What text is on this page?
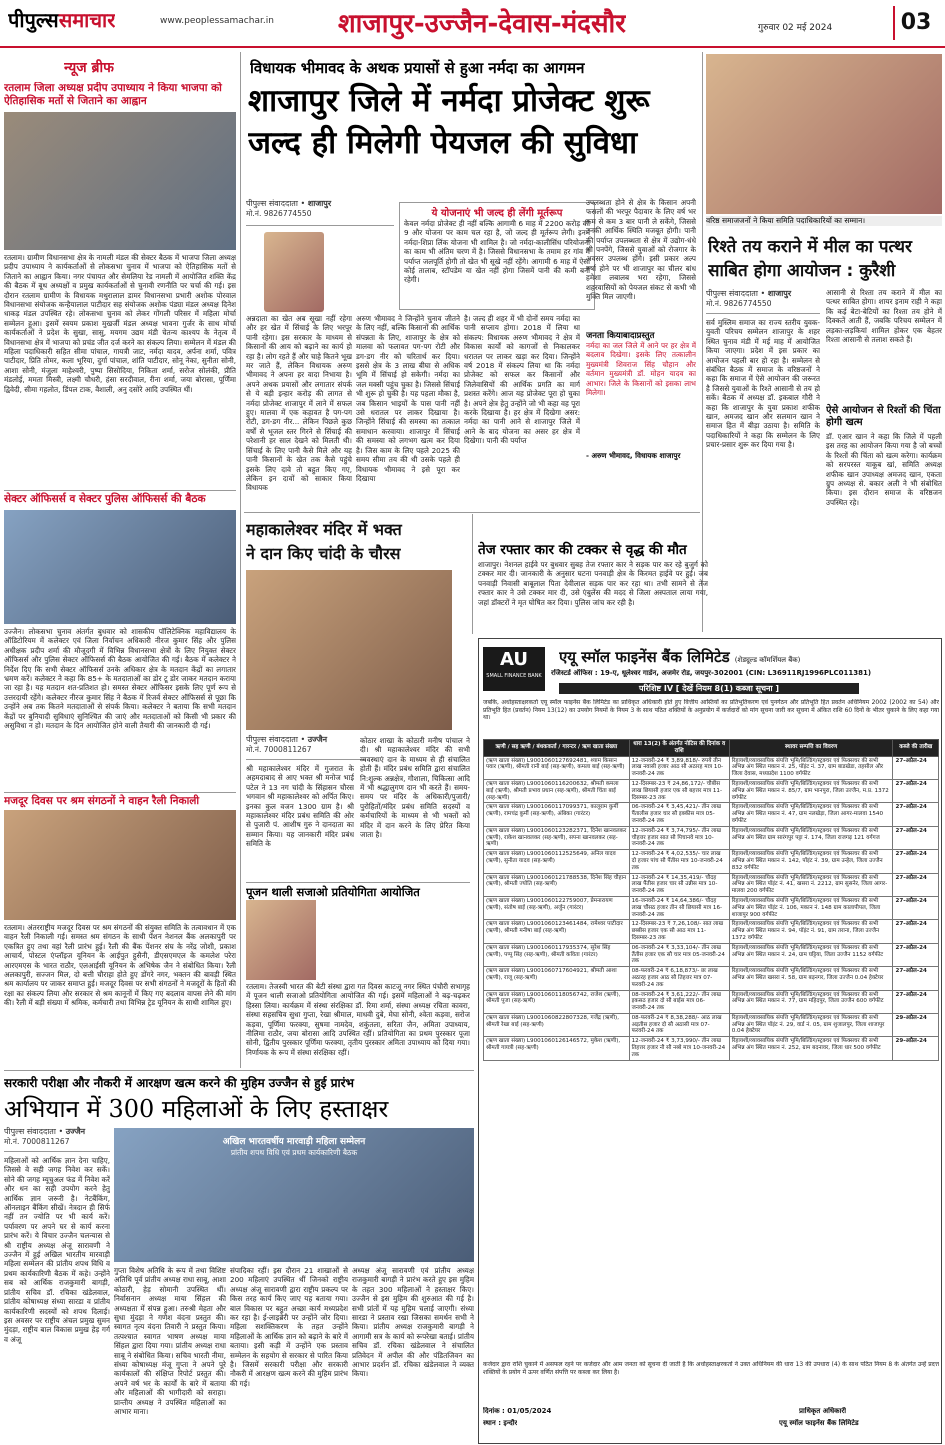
पीपुल्ससमाचार	www.peoplessamachar.in शाजापुर-उज्जैन-देवास-मंदसौर	गुरुवार 02 मई 2024	03
न्यूज ब्रीफ
रतलाम जिला अध्यक्ष प्रदीप उपाध्याय ने किया भाजपा को ऐतिहासिक मतों से जिताने का आह्वान
रतलाम। ग्रामीण विधानसभा क्षेत्र के नामली मंडल की सेक्टर बैठक में भाजपा जिला अध्यक्ष प्रदीप उपाध्याय ने कार्यकर्ताओं से लोकसभा चुनाव में भाजपा को ऐतिहासिक मतों से जिताने का आह्वान किया। नगर पंचायत और सेमलिया रेड नामली में आयोजित शक्ति केंद्र की बैठक में बूथ अध्यक्षों व प्रमुख कार्यकर्ताओं से चुनावी रणनीति पर चर्चा की गई। इस दौरान रतलाम ग्रामीण के विधायक मथुरालाल डामर विधानसभा प्रभारी अशोक पोरवाल विधानसभा संयोजक कन्हैयालाल पाटीदार सह संयोजक अशोक पंड्या मंडल अध्यक्ष दिनेश धाकड़ मंडल उपस्थित रहे। लोकसभा चुनाव को लेकर गोंगली परिसर में महिला मोर्चा सम्मेलन हुआ। इसमें स्वयम प्रकाश मुखर्जी मंडल अध्यक्ष भावना गुर्जर के साथ मोर्चा कार्यकर्ताओं ने प्रदेश के सुखा, सासु, मयगम उद्यम मंडी चेतन्य काश्यप के नेतृत्व में विधानसभा क्षेत्र में भाजपा को प्रचंड जीत दर्ज करने का संकल्प लिया। सम्मेलन में मंडल की महिला पदाधिकारी सहित सीमा पांचाल, गायत्री जाट, नर्मदा यादव, अर्पना शर्मा, पवित्र पाटीदार, प्रिति तोमर, कला भूरिया, दुर्गा पांचाल, शांति पाटीदार, सोनू नेका, सुनीता सोनी, आशा सोनी, मंजुला माहेश्वरी, पुष्पा सिसोदिया, निकिता शर्मा, सरोज सोलंकी, प्रीति मंडलोई, ममता मिस्त्री, लक्ष्मी चौधरी, हंसा सरदीवाल, रीना शर्मा, जया बोरासा, पूर्णिमा द्विवेदी, सीमा गहलोत, डिंपल टाक, वैशाली, अनु दसोरे आदि उपस्थित थीं।
सेक्टर ऑफिसर्स व सेक्टर पुलिस ऑफिसर्स की बैठक
उज्जैन। लोकसभा चुनाव अंतर्गत बुधवार को शासकीय पॉलिटेक्निक महाविद्यालय के ऑडिटोरियम में कलेक्टर एवं जिला निर्वाचन अधिकारी नीरज कुमार सिंह और पुलिस अधीक्षक प्रदीप शर्मा की मौजूदगी में विभिन्न विधानसभा क्षेत्रों के लिए नियुक्त सेक्टर ऑफिसर्स और पुलिस सेक्टर ऑफिसर्स की बैठक आयोजित की गई। बैठक में कलेक्टर ने निर्देश दिए कि सभी सेक्टर ऑफिसर्स उनके अधिकार क्षेत्र के मतदान केंद्रों का लगातार भ्रमण करें। कलेक्टर ने कहा कि 85+ के मतदाताओं का डोर टू डोर जाकर मतदान कराया जा रहा है। यह मतदान शत-प्रतिशत हो। समस्त सेक्टर ऑफिसर इसके लिए पूर्ण रूप से उत्तरदायी रहेंगे। कलेक्टर नीरज कुमार सिंह ने बैठक में रिजर्व सेक्टर ऑफिसर्स से पूछा कि उन्होंने अब तक कितने मतदाताओं से संपर्क किया। कलेक्टर ने बताया कि सभी मतदान केंद्रों पर बुनियादी सुविधाएं सुनिश्चित की जाएं और मतदाताओं को किसी भी प्रकार की असुविधा न हो। मतदान के दिन आयोजित होने वाली तैयारी की जानकारी दी गई।
मजदूर दिवस पर श्रम संगठनों ने वाहन रैली निकाली
रतलाम। अंतरराष्ट्रीय मजदूर दिवस पर श्रम संगठनों की संयुक्त समिति के तत्वावधान में एक वाहन रैली निकाली गई। समस्त श्रम संगठन के साथी पेंशन नेशनल बैंक अलकापुरी पर एकत्रित हुए तथा वहां रैली प्रारंभ हुई। रैली की बैंक पेंशनर संघ के नरेंद्र जोशी, प्रकाश आचार्य, पोस्टल एंप्लॉइज यूनियन के आईपुत हुसैनी, डीएसएमएल के कमलेश परेरा आरएमएस के भारत राठौर, एलआईसी यूनियन के अभिषेक जैन ने संबोधित किया। रैली अलकापुरी, सज्जन मिल, दो बत्ती चौराहा होते हुए डोंगरे नगर, भक्तन की बावड़ी स्थित श्रम कार्यालय पर जाकर समाप्त हुई। मजदूर दिवस पर सभी संगठनों ने मजदूरों के हितों की रक्षा का संकल्प लिया और सरकार से श्रम कानूनों में किए गए बदलाव वापस लेने की मांग की। रैली में बड़ी संख्या में श्रमिक, कर्मचारी तथा विभिन्न ट्रेड यूनियन के साथी शामिल हुए।
विधायक भीमावद के अथक प्रयासों से हुआ नर्मदा का आगमन
शाजापुर जिले में नर्मदा प्रोजेक्ट शुरू
जल्द ही मिलेगी पेयजल की सुविधा
पीपुल्स संवाददाता • शाजापुर
मो.नं. 9826774550	ये योजनाएं भी जल्द ही लेंगी मूर्तरूप
केवल नर्मदा प्रोजेक्ट ही नहीं बल्कि आगामी 6 माह में 2200 करोड़ की 9 और योजना पर काम चल रहा है, जो जल्द ही मूर्तरूप लेगी। इनमें नर्मदा-शिप्रा लिंक योजना भी शामिल है। जो नर्मदा-कालीसिंध परियोजना का काम भी अंतिम चरण में है। जिससे विधानसभा के तमाम हर गांव में पर्याप्त जलपूर्ति होगी तो खेत भी सूखे नहीं रहेंगे। आगामी 6 माह में ऐसा कोई तालाब, स्टॉपडेम या खेत नहीं होगा जिसमें पानी की कमी बनी रहेगी।
अन्नदाता का खेत अब सूखा नहीं रहेगा और हर खेत में सिंचाई के लिए भरपूर पानी रहेगा। इस सरकार के माध्यम से किसानों की आय को बढ़ाने का कार्य हो रहा है। लोग रहते हैं और चाहे कितने भूख मर जाते हैं, लेकिन विधायक अरुण भीमावद ने अपना हर वादा निभाया है। अपने अथक प्रयासों और लगातार संपर्क से ये बड़ी इन्हार करोड़ की लागत से नर्मदा प्रोजेक्ट शाजापुर में लाने में सफल हुए। मालवा में एक कहावत है पग-पग रोटी, डग-डग नीर... लेकिन पिछले कुछ वर्षों से भूजल स्तर गिरने से सिंचाई की परेशानी हर साल देखने को मिलती थी। सिंचाई के लिए पानी कैसे मिले और यह पानी किसानों के खेत तक कैसे पहुंचे इसके लिए दावे तो बहुत किए गए, लेकिन इन दावों को साकार किया विधायक
अरुण भीमावद ने जिन्होंने चुनाव जीतने के लिए नहीं, बल्कि किसानों की आर्थिक संपन्नता के लिए, शाजापुर के क्षेत्र को मालवा को फलावत पग-पग रोटी और डग-डग नीर को चरितार्थ कर दिया। इससे क्षेत्र के 3 लाख बीघा से अधिक भूमि में सिंचाई हो सकेगी। नर्मदा का जल मक्सी पहुंच चुका है। जिससे सिंचाई भी शुरू हो चुकी है। यह पहला मौका है, जब किसान भाइयों के पास पानी नहीं उसे धरातल पर लाकर दिखाया है। जिन्होंने सिंचाई की समस्या का तत्काल समाधान करवाया। शाजापुर में सिंचाई की समस्या को लगभग खत्म कर दिया है। जिस काम के लिए पहले 2025 की समय सीमा तय की थी उसके पहले ही विधायक भीमावद ने इसे पूरा कर दिखाया
है। जल्द ही शहर में भी दोनों समय नर्मदा का पानी सप्लाय होगा। 2018 में लिया था संकल्प: विधायक अरुण भीमावद ने क्षेत्र में विकास कार्यों को कागजों से निकालकर धरातल पर लाकर खड़ा कर दिया। जिन्होंने वर्ष 2018 में संकल्प लिया था कि नर्मदा प्रोजेक्ट को सफल कर किसानों और जिलेवासियों की आर्थिक प्रगति का मार्ग प्रशस्त करेंगे। आज यह प्रोजेक्ट पूरा हो चुका है। अपने क्षेत्र हेतु उन्होंने जो भी कहा वह पूरा करके दिखाया है। हर क्षेत्र में दिखेगा असर: नर्मदा का पानी आने से शाजापुर जिले में आने के बाद योजना का असर हर क्षेत्र में दिखेगा। पानी की पर्याप्त
उपलब्धता होने से क्षेत्र के किसान अपनी फसलों की भरपूर पैदावार के लिए वर्ष भर कम से कम 3 बार पानी ले सकेंगे, जिससे उनकी आर्थिक स्थिति मजबूत होगी। पानी की पर्याप्त उपलब्धता से क्षेत्र में उद्योग-धंधे भी पनपेंगे, जिससे युवाओं को रोजगार के अवसर उपलब्ध होंगे। इसी प्रकार अल्प वर्षा होने पर भी शाजापुर का चीलर बांध हमेशा लबालब भरा रहेगा, जिससे शहरवासियों को पेयजल संकट से कभी भी मुक्ति मिल जाएगी।
जनता कियाबादाप्रस्तुत
नर्मदा का जल जिले में आने पर हर क्षेत्र में बदलाव दिखेगा। इसके लिए तत्कालीन मुख्यमंत्री शिवराज सिंह चौहान और वर्तमान मुख्यमंत्री डॉ. मोहन यादव का आभार। जिले के किसानों को इसका लाभ मिलेगा।
- अरुण भीमावद, विधायक शाजापुर
वरिष्ठ समाजजनों ने किया समिति पदाधिकारियों का सम्मान।
रिश्ते तय कराने में मील का पत्थर
साबित होगा आयोजन : कुरैशी
पीपुल्स संवाददाता • शाजापुर
मो.नं. 9826774550
सर्व मुस्लिम समाज का राज्य स्तरीय युवक-युवती परिचय सम्मेलन शाजापुर के शहर स्थित चुनाव मंडी में मई माह में आयोजित किया जाएगा। प्रदेश में इस प्रकार का आयोजन पहली बार हो रहा है। सम्मेलन से संबंधित बैठक में समाज के वरिष्ठजनों ने कहा कि समाज में ऐसे आयोजन की जरूरत है जिससे युवाओं के रिश्ते आसानी से तय हो सकें। बैठक में अध्यक्ष डॉ. इकबाल गौरी ने कहा कि शाजापुर के युवा प्रकाश शफीक खान, अमजद खान और सलमान खान ने समाज हित में बीड़ा उठाया है। समिति के पदाधिकारियों ने कहा कि सम्मेलन के लिए प्रचार-प्रसार शुरू कर दिया गया है।
आसानी से रिश्ता तय कराने में मील का पत्थर साबित होगा। शायर इनाम राही ने कहा कि कई बेटा-बेटियों का रिश्ता तय होने में दिक्कतें आती हैं, जबकि परिचय सम्मेलन में लड़का-लड़कियां शामिल होकर एक बेहतर रिश्ता आसानी से तलाश सकते हैं।
ऐसे आयोजन से रिश्तों की चिंता होगी खत्म
डॉ. एआर खान ने कहा कि जिले में पहली इस तरह का आयोजन किया गया है जो बच्चों के रिश्तों की चिंता को खत्म करेगा। कार्यक्रम को सरपरस्त याकूब खां, समिति अध्यक्ष शफीक खान उपाध्यक्ष अमजद खान, एकता ग्रुप अध्यक्ष से. बकार अली ने भी संबोधित किया। इस दौरान समाज के वरिष्ठजन उपस्थित रहे।
महाकालेश्वर मंदिर में भक्त
ने दान किए चांदी के चौरस
पीपुल्स संवाददाता • उज्जैन
मो.नं. 7000811267
श्री महाकालेश्वर मंदिर में गुजरात के अहमदाबाद से आए भक्त श्री मनोज भाई पटेल ने 13 नग चांदी के सिंहासन चौरस भगवान श्री महाकालेश्वर को अर्पित किए। इनका कुल वजन 1300 ग्राम है। श्री महाकालेश्वर मंदिर प्रबंध समिति की ओर से पुजारी पं. आशीष गुरु ने दानदाता का सम्मान किया। यह जानकारी मंदिर प्रबंध समिति के
कोठार शाखा के कोठारी मनीष पांचाल ने दी। श्री महाकालेश्वर मंदिर की सभी व्यवस्थाएं दान के माध्यम से ही संचालित होती हैं। मंदिर प्रबंध समिति द्वारा संचालित नि:शुल्क अन्नक्षेत्र, गौशाला, चिकित्सा आदि में भी श्रद्धालुगण दान भी करते हैं। समय-समय पर मंदिर के अधिकारी/पुजारी/पुरोहितों/मंदिर प्रबंध समिति सदस्यों व कर्मचारियों के माध्यम से भी भक्तों को मंदिर में दान करने के लिए प्रेरित किया जाता है।
पूजन थाली सजाओ प्रतियोगिता आयोजित
रतलाम। तेजस्वी भारत की बेटी संस्था द्वारा गत दिवस काटजू नगर स्थित पंचौरी सभागृह में पूजन थाली सजाओ प्रतियोगिता आयोजित की गई। इसमें महिलाओं ने बढ़-चढ़कर हिस्सा लिया। कार्यक्रम में संस्था संरक्षिका डॉ. रिमा शर्मा, संस्था अध्यक्ष रचिता कावरा, संस्था सहसचिव सुधा गुप्ता, रेखा श्रीमाल, माधवी दुबे, मेघा सोनी, श्वेता कड़वा, सरोज कड़वा, पूर्णिमा फरक्या, सुषमा नामदेव, शकुंतला, सरिता जैन, अमिता उपाध्याय, नीलिमा राठौर, जया बोरासा आदि उपस्थित रहीं। प्रतियोगिता का प्रथम पुरस्कार पूजा सोनी, द्वितीय पुरस्कार पूर्णिमा फरक्या, तृतीय पुरस्कार अमिता उपाध्याय को दिया गया। निर्णायक के रूप में संस्था संरक्षिका रहीं।
तेज रफ्तार कार की टक्कर से वृद्ध की मौत
शाजापुर। नेशनल हाईवे पर बुधवार सुबह तेज रफ्तार कार ने सड़क पार कर रहे बुजुर्ग को टक्कर मार दी। जानकारी के अनुसार घटना पनवाड़ी क्षेत्र के किरमत हाईवे पर हुई। जब पनवाड़ी निवासी बाबूलाल पिता देवीलाल सड़क पार कर रहा था। तभी सामने से तेज रफ्तार कार ने उसे टक्कर मार दी, उसे एंबुलेंस की मदद से जिला अस्पताल लाया गया, जहां डॉक्टरों ने मृत घोषित कर दिया। पुलिस जांच कर रही है।
AU
SMALL FINANCE BANK
एयू स्मॉल फाइनेंस बैंक लिमिटेड (शेड्यूल्ड कॉमर्शियल बैंक)
रजिस्टर्ड ऑफिस : 19-ए, धूलेश्वर गार्डन, अजमेर रोड, जयपुर-302001 (CIN: L36911RJ1996PLC011381)
परिशिष्ट IV [ देखें नियम 8(1) कब्जा सूचना ]
जबकि, अधोहस्ताक्षरकर्ता एयू स्मॉल फाइनेंस बैंक लिमिटेड का प्राधिकृत अधिकारी होते हुए वित्तीय आस्तियों का प्रतिभूतिकरण एवं पुनर्गठन और प्रतिभूति हित प्रवर्तन अधिनियम 2002 (2002 का 54) और प्रतिभूति हित (प्रवर्तन) नियम 13(12) का उपयोग नियमों के नियम 3 के साथ पठित शक्तियों के अनुप्रयोग में कर्जदारों को मांग सूचना जारी कर सूचना में अंकित राशि 60 दिनों के भीतर चुकाने के लिए कहा गया था।
ऋणी / सह ऋणी / बंधककर्ता / गारन्टर / ऋण खाता संख्या	धारा 13(2) के अंतर्गत नोटिस की दिनांक व राशि	स्थावर सम्पत्ति का विवरण	कब्जे की तारीख
(ऋण खाता संख्या) L9001060127692481, श्याम किसान पवार (ऋणी), श्रीमती रानी बाई (सह-ऋणी), कमला बाई (सह-ऋणी)	12-जनवरी-24 ₹ 3,89,818/- रुपये तीन लाख नवासी हजार आठ सौ अठारह मात्र 10-जनवरी-24 तक	रिहायशी/व्यावसायिक संपत्ति भूमि/बिल्डिंग/स्ट्रक्चर एवं फिक्सचर की सभी अभिन्न अंग स्थित मकान नं. 25, पॉइंट नं. 37, ग्राम बाडखेडा, तहसील और जिला देवास, मध्यप्रदेश 1100 वर्गफीट	27-अप्रैल-24
(ऋण खाता संख्या) L9001060116200632, श्रीमती कमला बाई (ऋणी), श्रीमती प्रभाव प्रधान (सह-ऋणी), श्रीमती चिंता बाई (सह-ऋणी)	12-दिसम्बर-23 ₹ 24,86,172/- चौबीस लाख छियासी हजार एक सौ बहत्तर मात्र 11-दिसम्बर-23 तक	रिहायशी/व्यावसायिक संपत्ति भूमि/बिल्डिंग/स्ट्रक्चर एवं फिक्सचर की सभी अभिन्न अंग स्थित मकान नं. 85/7, ग्राम भानपुरा, जिला उज्जैन, म.प्र. 1372 वर्गफीट	27-अप्रैल-24
(ऋण खाता संख्या) L9001060117099371, कालूराम कुर्मी (ऋणी), रामचंद्र कुर्मी (सह-ऋणी), अंबिका (गारंटर)	06-जनवरी-24 ₹ 3,45,421/- तीन लाख पैंतालीस हजार चार सौ इक्कीस मात्र 05-जनवरी-24 तक	रिहायशी/व्यावसायिक संपत्ति भूमि/बिल्डिंग/स्ट्रक्चर एवं फिक्सचर की सभी अभिन्न अंग स्थित मकान नं. 47, ग्राम नलखेड़ा, जिला आगर-मालवा 1540 वर्गफीट	27-अप्रैल-24
(ऋण खाता संख्या) L9001060123282371, दिनेश खानवलकर (ऋणी), राकेश खानवलकर (सह-ऋणी), सपना खानवलकर (सह-ऋणी)	12-जनवरी-24 ₹ 3,74,795/- तीन लाख चौहत्तर हजार सात सौ पिचानवे मात्र 10-जनवरी-24 तक	रिहायशी/व्यावसायिक संपत्ति भूमि/बिल्डिंग/स्ट्रक्चर एवं फिक्सचर की सभी अभिन्न अंग स्थित ग्राम सारंगपुर पट्टा नं. 174, जिला राजगढ़ 121 वर्गगज	27-अप्रैल-24
(ऋण खाता संख्या) L9001060112525649, अनिल यादव (ऋणी), सुनीता यादव (सह-ऋणी)	12-जनवरी-24 ₹ 4,02,535/- चार लाख दो हजार पांच सौ पैंतीस मात्र 10-जनवरी-24 तक	रिहायशी/व्यावसायिक संपत्ति भूमि/बिल्डिंग/स्ट्रक्चर एवं फिक्सचर की सभी अभिन्न अंग स्थित मकान नं. 142, पॉइंट नं. 39, ग्राम उन्हेल, जिला उज्जैन 832 वर्गफीट	27-अप्रैल-24
(ऋण खाता संख्या) L9001060121788538, दिनेश सिंह चौहान (ऋणी), श्रीमती ज्योति (सह-ऋणी)	12-जनवरी-24 ₹ 14,35,419/- चौदह लाख पैंतीस हजार चार सौ उन्नीस मात्र 10-जनवरी-24 तक	रिहायशी/व्यावसायिक संपत्ति भूमि/बिल्डिंग/स्ट्रक्चर एवं फिक्सचर की सभी अभिन्न अंग स्थित पॉइंट नं. 41, खसरा नं. 2212, ग्राम सुसनेर, जिला आगर-मालवा 200 वर्गफीट	27-अप्रैल-24
(ऋण खाता संख्या) L9001060122759007, प्रेमनारायण (ऋणी), संतोष बाई (सह-ऋणी), अर्जुन (गारंटर)	16-जनवरी-24 ₹ 14,64,386/- चौदह लाख चौंसठ हजार तीन सौ छियासी मात्र 16-जनवरी-24 तक	रिहायशी/व्यावसायिक संपत्ति भूमि/बिल्डिंग/स्ट्रक्चर एवं फिक्सचर की सभी अभिन्न अंग स्थित पॉइंट नं. 106, मकान नं. 148 ग्राम कालापीपल, जिला शाजापुर 900 वर्गफीट	27-अप्रैल-24
(ऋण खाता संख्या) L9001060123461484, रामेश्वर पाटीदार (ऋणी), श्रीमती मनीषा बाई (सह-ऋणी)	12-दिसम्बर-23 ₹ 7,26,108/- सात लाख छब्बीस हजार एक सौ आठ मात्र 11-दिसम्बर-23 तक	रिहायशी/व्यावसायिक संपत्ति भूमि/बिल्डिंग/स्ट्रक्चर एवं फिक्सचर की सभी अभिन्न अंग स्थित मकान नं. 94, पॉइंट नं. 91, ग्राम तराना, जिला उज्जैन 1372 वर्गफीट	27-अप्रैल-24
(ऋण खाता संख्या) L9001060117935374, सुरेश सिंह (ऋणी), पप्पू सिंह (सह-ऋणी), श्रीमती कविता (गारंटर)	06-जनवरी-24 ₹ 3,33,104/- तीन लाख तैंतीस हजार एक सौ चार मात्र 05-जनवरी-24 तक	रिहायशी/व्यावसायिक संपत्ति भूमि/बिल्डिंग/स्ट्रक्चर एवं फिक्सचर की सभी अभिन्न अंग स्थित मकान नं. 24, ग्राम घट्टिया, जिला उज्जैन 1152 वर्गफीट	27-अप्रैल-24
(ऋण खाता संख्या) L9001060717604921, श्रीमती आशा (ऋणी), राजू (सह-ऋणी)	08-फरवरी-24 ₹ 6,18,873/- छः लाख अठारह हजार आठ सौ तिहत्तर मात्र 07-फरवरी-24 तक	रिहायशी/व्यावसायिक संपत्ति भूमि/बिल्डिंग/स्ट्रक्चर एवं फिक्सचर की सभी अभिन्न अंग स्थित खसरा नं. 58, ग्राम बड़नगर, जिला उज्जैन 0.04 हेक्टेयर	27-अप्रैल-24
(ऋण खाता संख्या) L9001060118056742, राजेश (ऋणी), श्रीमती पूजा (सह-ऋणी)	08-जनवरी-24 ₹ 3,61,222/- तीन लाख इकसठ हजार दो सौ बाईस मात्र 06-जनवरी-24 तक	रिहायशी/व्यावसायिक संपत्ति भूमि/बिल्डिंग/स्ट्रक्चर एवं फिक्सचर की सभी अभिन्न अंग स्थित मकान नं. 77, ग्राम महिदपुर, जिला उज्जैन 600 वर्गफीट	27-अप्रैल-24
(ऋण खाता संख्या) L9001060822807328, गजेंद्र (ऋणी), श्रीमती रेखा बाई (सह-ऋणी)	08-फरवरी-24 ₹ 8,38,288/- आठ लाख अड़तीस हजार दो सौ अठासी मात्र 07-फरवरी-24 तक	रिहायशी/व्यावसायिक संपत्ति भूमि/बिल्डिंग/स्ट्रक्चर एवं फिक्सचर की सभी अभिन्न अंग स्थित पॉइंट नं. 29, वार्ड नं. 05, ग्राम शुजालपुर, जिला शाजापुर 0.04 हेक्टेयर	29-अप्रैल-24
(ऋण खाता संख्या) L9001060126146572, मुकेश (ऋणी), श्रीमती गायत्री (सह-ऋणी)	12-जनवरी-24 ₹ 3,73,990/- तीन लाख तिहत्तर हजार नौ सौ नब्बे मात्र 10-जनवरी-24 तक	रिहायशी/व्यावसायिक संपत्ति भूमि/बिल्डिंग/स्ट्रक्चर एवं फिक्सचर की सभी अभिन्न अंग स्थित मकान नं. 252, ग्राम बदनावर, जिला धार 500 वर्गफीट	29-अप्रैल-24
कर्जदार द्वारा राशि चुकाने में असफल रहने पर कर्जदार और आम जनता को सूचना दी जाती है कि अधोहस्ताक्षरकर्ता ने उक्त अधिनियम की धारा 13 की उपधारा (4) के साथ पठित नियम 8 के अंतर्गत उन्हें प्रदत्त शक्तियों के प्रयोग में ऊपर वर्णित संपत्ति पर कब्जा कर लिया है।
दिनांक : 01/05/2024
स्थान : इन्दौर
प्राधिकृत अधिकारी
एयू स्मॉल फाइनेंस बैंक लिमिटेड
सरकारी परीक्षा और नौकरी में आरक्षण खत्म करने की मुहिम उज्जैन से हुई प्रारंभ
अभियान में 300 महिलाओं के लिए हस्ताक्षर
पीपुल्स संवाददाता • उज्जैन
मो.नं. 7000811267
महिलाओं को आर्थिक ज्ञान देना चाहिए, जिससे वे सही जगह निवेश कर सकें। सोने की जगह म्यूचुअल फंड में निवेश करें और धन का सही उपयोग करने हेतु आर्थिक ज्ञान जरूरी है। नेटबैंकिंग, ऑनलाइन बैंकिंग सीखें। नेत्रदान ही सिर्फ नहीं तन ज्योति पर भी कार्य करें। पर्यावरण पर अपने घर से कार्य करना प्रारंभ करें। ये विचार उज्जैन चलन्यास से श्री राष्ट्रीय अध्यक्ष अंजू सारावणी ने उज्जैन में हुई अखिल भारतीय मारवाड़ी महिला सम्मेलन की प्रांतीय शपथ विधि व प्रथम कार्यकारिणी बैठक में कहे। उन्होंने सब को आर्थिक राजकुमारी बागड़ी, प्रांतीय सचिव डॉ. रचिका खंडेलवाल, प्रांतीय कोषाध्यक्ष संध्या सारडा व प्रांतीय कार्यकारिणी सदस्यों को शपथ दिलाई। इस अवसर पर राष्ट्रीय अंचल प्रमुख सुमन मुंदड़ा, राष्ट्रीय बाल विकास प्रमुख हेड़ गर्ग व अंजू
अखिल भारतवर्षीय मारवाड़ी महिला सम्मेलन
प्रांतीय शपथ विधि एवं प्रथम कार्यकारिणी बैठक
गुप्ता विशेष अतिथि के रूप में तथा विशिष्ट अतिथि पूर्व प्रांतीय अध्यक्ष राधा साबू, आशा कोठारी, हेड़ सोमानी उपस्थित थीं। निर्वासनान अध्यक्ष माया सिंहल की अध्यक्षता में संपन्न हुआ। तरुश्री मेहता और सुधा मुंदड़ा ने गणेश वंदना प्रस्तुत की। स्वागत नृत्य वंदना तिवारी ने प्रस्तुत किया। तत्पश्चात स्वागत भाषण अध्यक्ष माया सिंहल द्वारा दिया गया। प्रांतीय अध्यक्ष राधा साबू ने संबोधित किया। सचिव भारती नीमा, संध्या कोषाध्यक्ष मंजू गुप्ता ने अपने पूरे कार्यकालों की संक्षिप्त रिपोर्ट प्रस्तुत की। अपने वर्ष भर के कार्यों के बारे में बताया और महिलाओं की भागीदारी को सराहा। प्रान्तीय अध्यक्ष ने उपस्थित महिलाओं का आभार माना।
संपादिका रहीं। इस दौरान 21 शाखाओं से 200 महिलाएं उपस्थित थीं जिनको राष्ट्रीय अध्यक्ष अंजू सारावणी द्वारा राष्ट्रीय प्रकल्प पर किस तरह कार्य किए जाए यह बताया गया। बाल विकास पर बहुत अच्छा कार्य मध्यप्रदेश कर रहा है। ई-लाइब्रेरी पर उन्होंने जोर दिया। महिला सशक्तिकरण के तहत उन्होंने महिलाओं के आर्थिक ज्ञान को बढ़ाने के बारे में बताया। इसी कड़ी में उन्होंने एक प्रस्ताव सम्मेलन के सहयोग से सरकार से पारित किया है। जिसमें सरकारी परीक्षा और सरकारी नौकरी में आरक्षण खत्म करने की मुहिम प्रारंभ की गई।
अध्यक्ष अंजू सारावणी एवं प्रांतीय अध्यक्ष राजकुमारी बागड़ी ने प्रारंभ करते हुए इस मुहिम के तहत 300 महिलाओं ने हस्ताक्षर किए। उज्जैन से इस मुहिम की शुरुआत की गई है। सभी प्रांतों में यह मुहिम चलाई जाएगी। संध्या सारडा ने प्रस्ताव रखा जिसका समर्थन सभी ने किया। प्रांतीय अध्यक्ष राजकुमारी बागड़ी ने आगामी सत्र के कार्य को रूपरेखा बताई। प्रांतीय सचिव डॉ. रचिका खंडेलवाल ने संचालित प्रतिवेदन में अपील की और पंडितजिवन का आभार प्रदर्शन डॉ. रचिका खंडेलवाल ने व्यक्त किया।
